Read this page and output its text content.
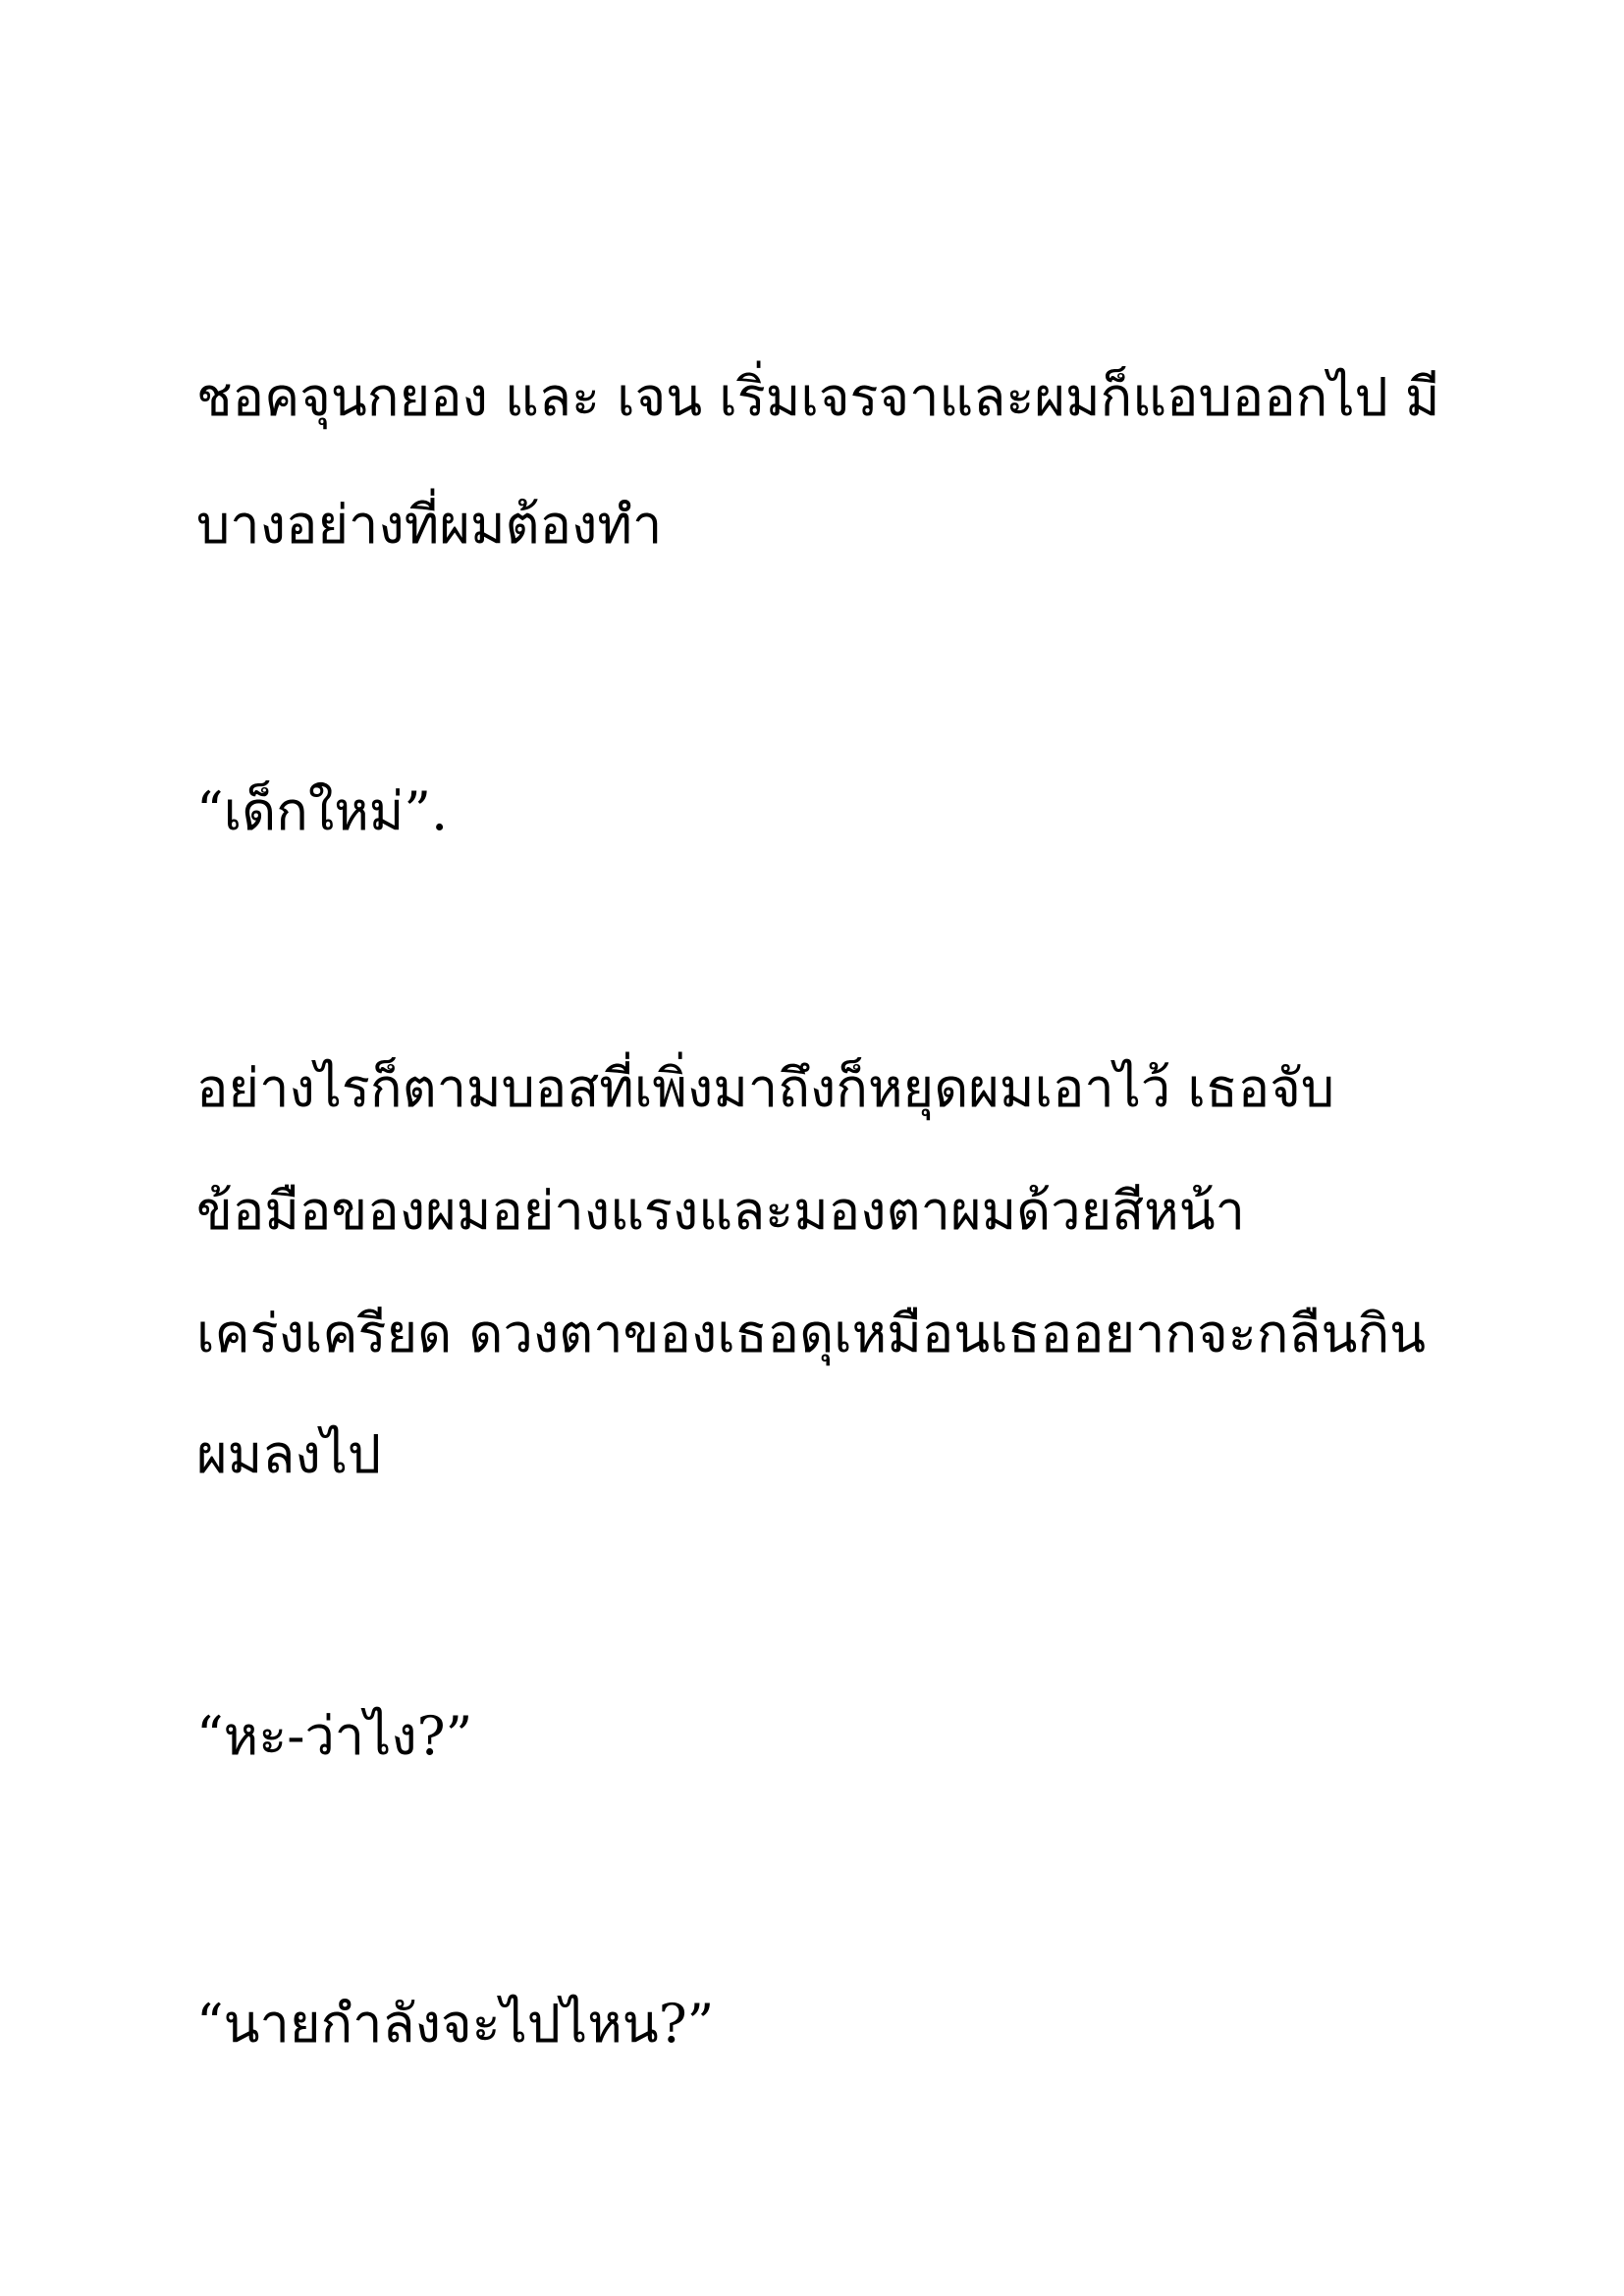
ชอคจุนกยอง และ เจน เริ่มเจรจาและผมก็แอบออกไป มี

บางอย่างที่ผมต้องทำ

“เด็กใหม่”.

อย่างไรก็ตามบอสที่เพิ่งมาถึงก็หยุดผมเอาไว้ เธอจับ

ข้อมือของผมอย่างแรงและมองตาผมด้วยสีหน้า

เคร่งเครียด ดวงตาของเธอดุเหมือนเธออยากจะกลืนกิน

ผมลงไป

“หะ-ว่าไง?”

“นายกำลังจะไปไหน?”
